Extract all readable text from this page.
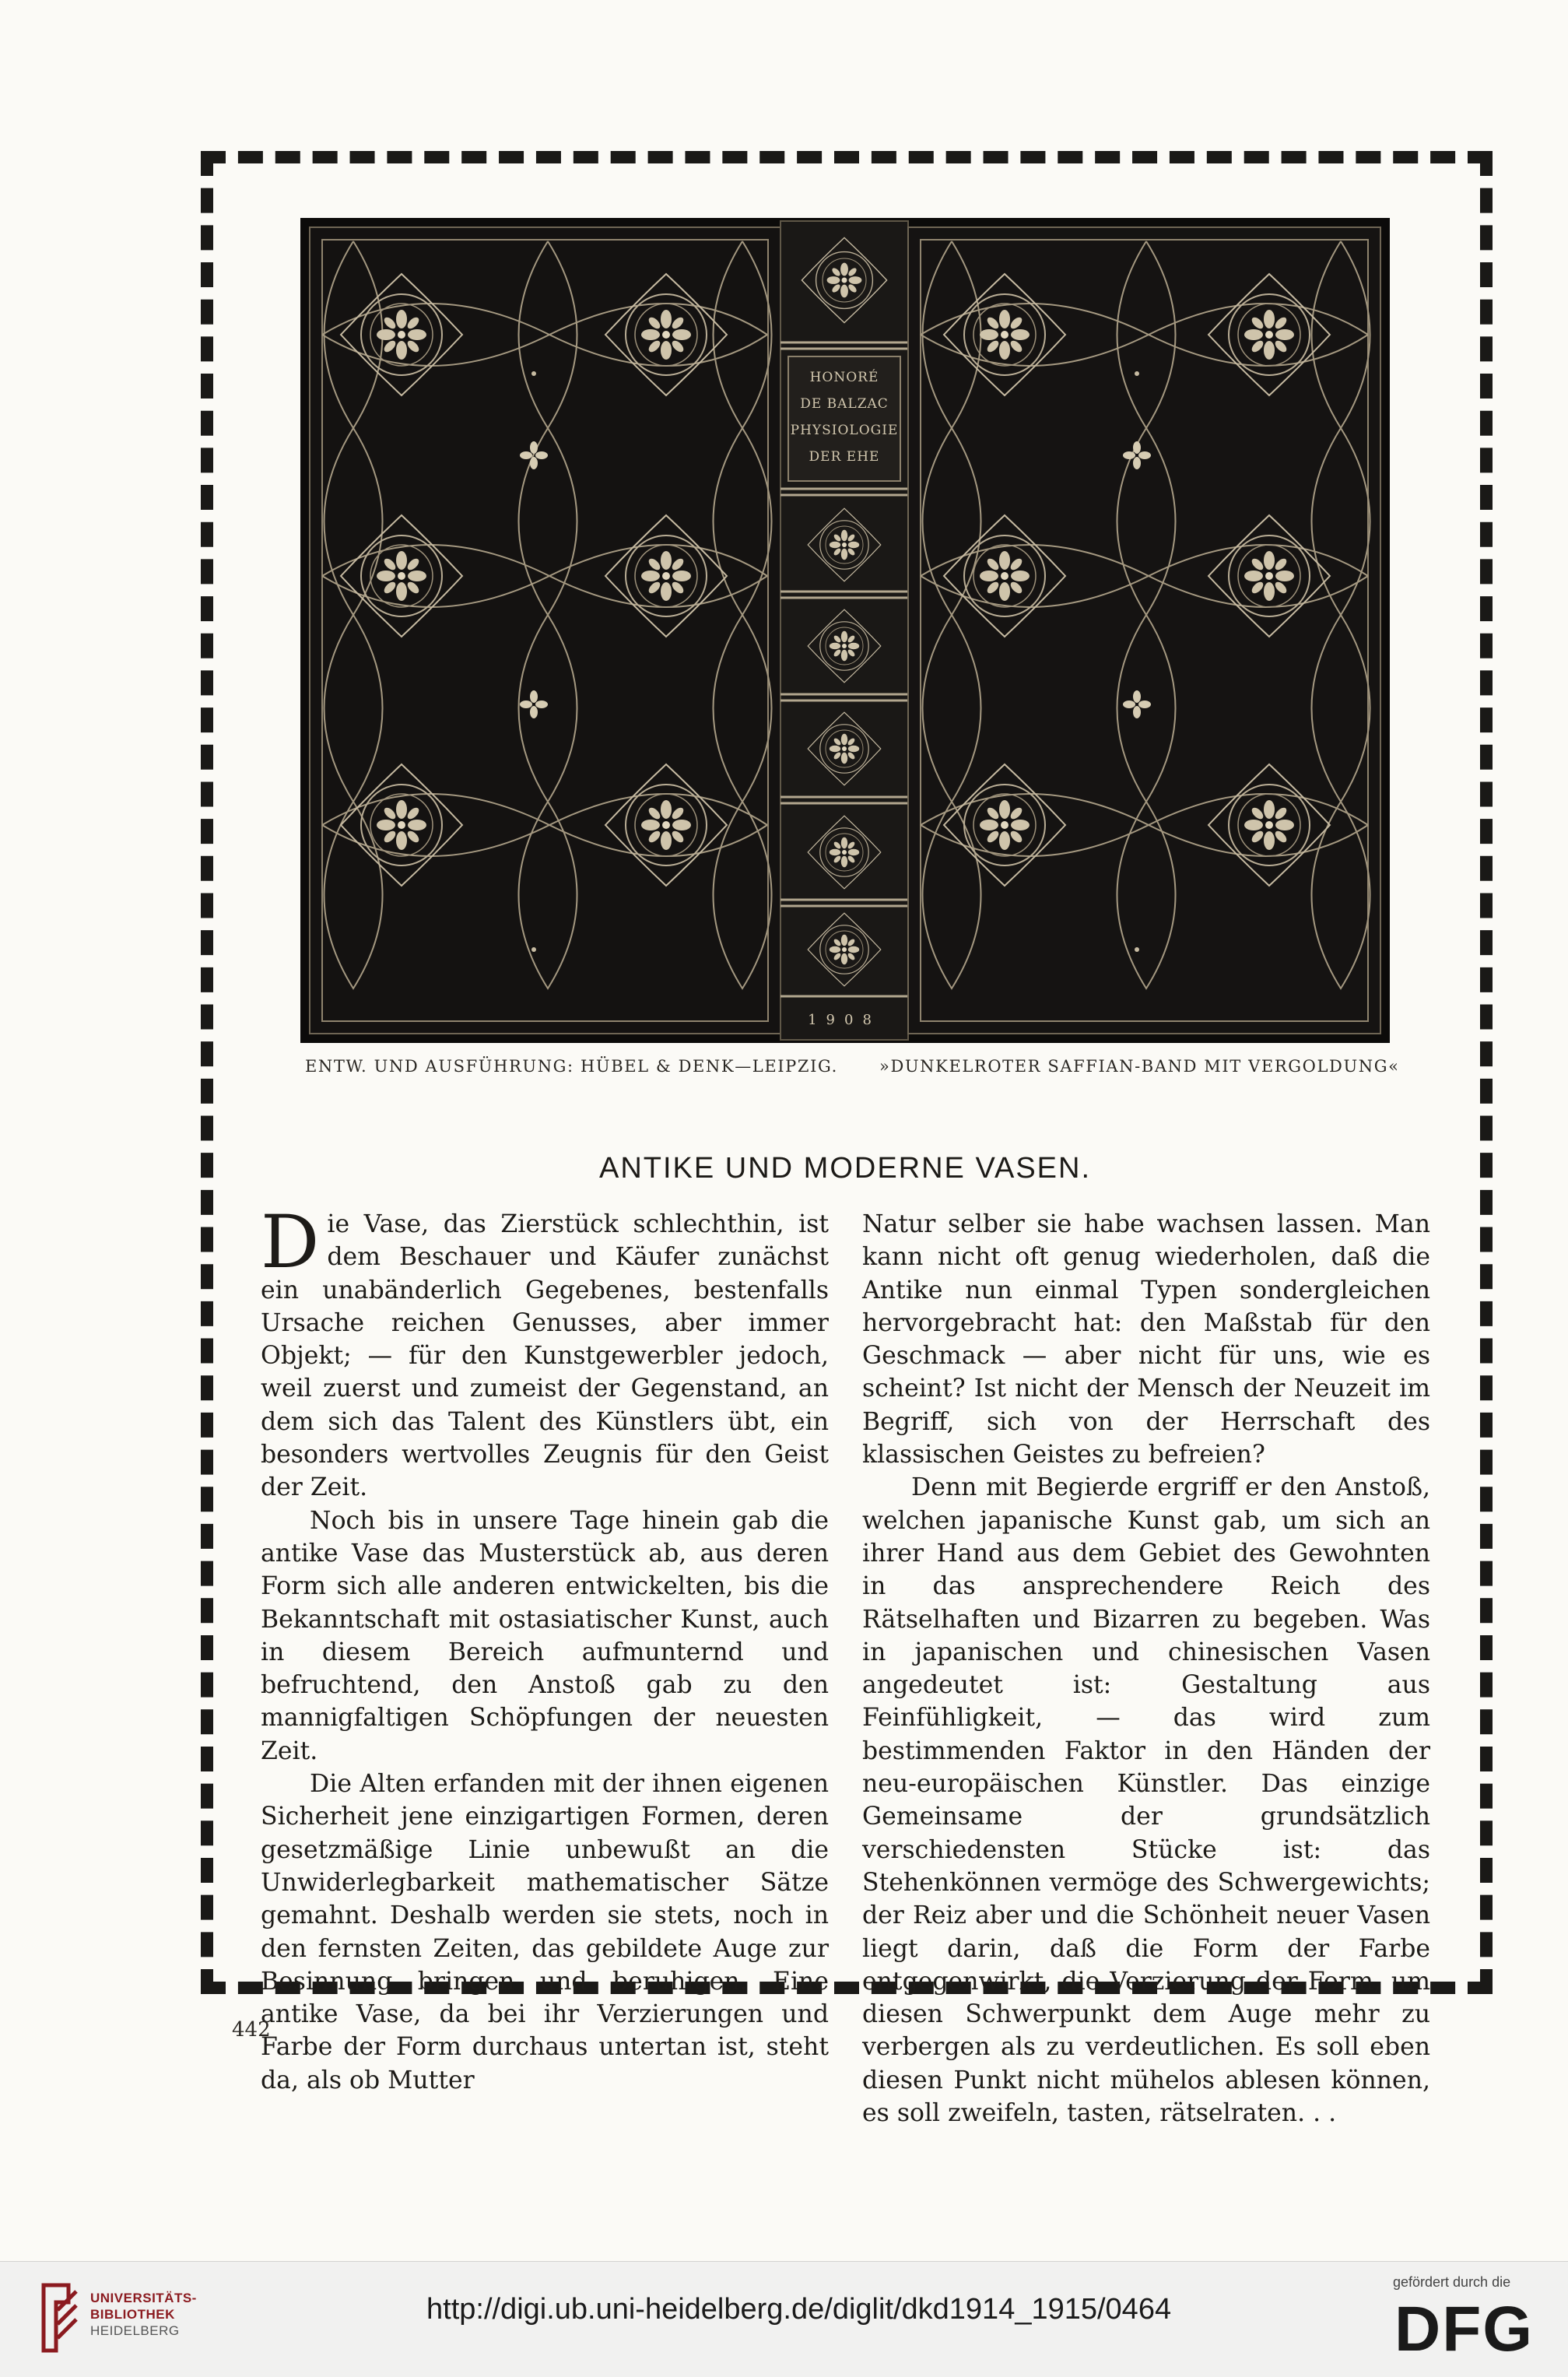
HONORÉ
DE BALZAC
PHYSIOLOGIE
DER EHE
1908
ENTW. UND AUSFÜHRUNG: HÜBEL & DENK—LEIPZIG.	»DUNKELROTER SAFFIAN-BAND MIT VERGOLDUNG«
ANTIKE UND MODERNE VASEN.

Die Vase, das Zierstück schlechthin, ist dem Beschauer und Käufer zunächst ein unabänderlich Gegebenes, bestenfalls Ursache reichen Genusses, aber immer Objekt; — für den Kunstgewerbler jedoch, weil zuerst und zumeist der Gegenstand, an dem sich das Talent des Künstlers übt, ein besonders wertvolles Zeugnis für den Geist der Zeit.

Noch bis in unsere Tage hinein gab die antike Vase das Musterstück ab, aus deren Form sich alle anderen entwickelten, bis die Bekanntschaft mit ostasiatischer Kunst, auch in diesem Bereich aufmunternd und befruchtend, den Anstoß gab zu den mannigfaltigen Schöpfungen der neuesten Zeit.

Die Alten erfanden mit der ihnen eigenen Sicherheit jene einzigartigen Formen, deren gesetzmäßige Linie unbewußt an die Unwiderlegbarkeit mathematischer Sätze gemahnt. Deshalb werden sie stets, noch in den fernsten Zeiten, das gebildete Auge zur Besinnung bringen und beruhigen. Eine antike Vase, da bei ihr Verzierungen und Farbe der Form durchaus untertan ist, steht da, als ob Mutter

Natur selber sie habe wachsen lassen. Man kann nicht oft genug wiederholen, daß die Antike nun einmal Typen sondergleichen hervorgebracht hat: den Maßstab für den Geschmack — aber nicht für uns, wie es scheint? Ist nicht der Mensch der Neuzeit im Begriff, sich von der Herrschaft des klassischen Geistes zu befreien?

Denn mit Begierde ergriff er den Anstoß, welchen japanische Kunst gab, um sich an ihrer Hand aus dem Gebiet des Gewohnten in das ansprechendere Reich des Rätselhaften und Bizarren zu begeben. Was in japanischen und chinesischen Vasen angedeutet ist: Gestaltung aus Feinfühligkeit, — das wird zum bestimmenden Faktor in den Händen der neu-europäischen Künstler. Das einzige Gemeinsame der grundsätzlich verschiedensten Stücke ist: das Stehenkönnen vermöge des Schwergewichts; der Reiz aber und die Schönheit neuer Vasen liegt darin, daß die Form der Farbe entgegenwirkt, die Verzierung der Form, um diesen Schwerpunkt dem Auge mehr zu verbergen als zu verdeutlichen. Es soll eben diesen Punkt nicht mühelos ablesen können, es soll zweifeln, tasten, rätselraten. . .

442
UNIVERSITÄTS-
BIBLIOTHEK
HEIDELBERG
http://digi.ub.uni-heidelberg.de/diglit/dkd1914_1915/0464
gefördert durch die
DFG
